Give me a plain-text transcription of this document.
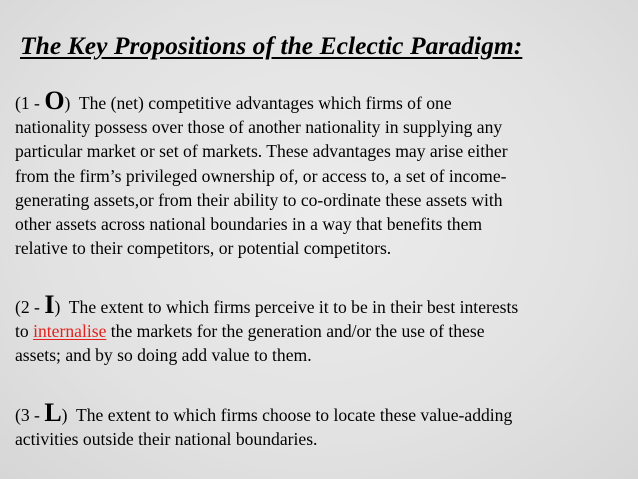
The Key Propositions of the Eclectic Paradigm:
(1 - O)  The (net) competitive advantages which firms of one
nationality possess over those of another nationality in supplying any
particular market or set of markets. These advantages may arise either
from the firm’s privileged ownership of, or access to, a set of income-
generating assets,or from their ability to co-ordinate these assets with
other assets across national boundaries in a way that benefits them
relative to their competitors, or potential competitors.
(2 - I)  The extent to which firms perceive it to be in their best interests
to internalise the markets for the generation and/or the use of these
assets; and by so doing add value to them.
(3 - L)  The extent to which firms choose to locate these value-adding
activities outside their national boundaries.
